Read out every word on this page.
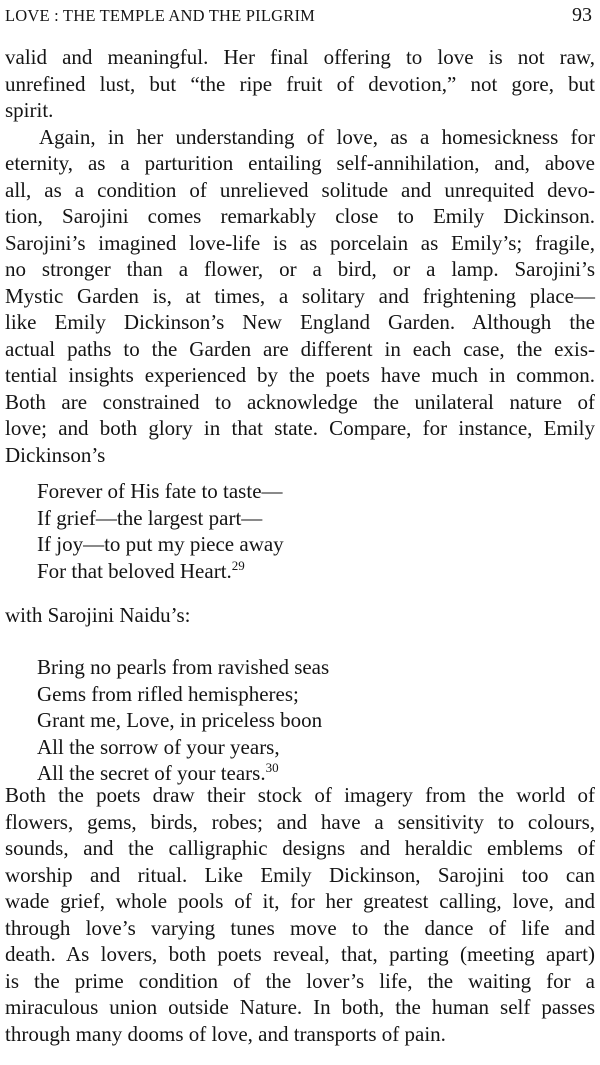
LOVE : THE TEMPLE AND THE PILGRIM	93
valid and meaningful. Her final offering to love is not raw,
unrefined lust, but “the ripe fruit of devotion,” not gore, but
spirit.
Again, in her understanding of love, as a homesickness for
eternity, as a parturition entailing self-annihilation, and, above
all, as a condition of unrelieved solitude and unrequited devo-
tion, Sarojini comes remarkably close to Emily Dickinson.
Sarojini’s imagined love-life is as porcelain as Emily’s; fragile,
no stronger than a flower, or a bird, or a lamp. Sarojini’s
Mystic Garden is, at times, a solitary and frightening place—
like Emily Dickinson’s New England Garden. Although the
actual paths to the Garden are different in each case, the exis-
tential insights experienced by the poets have much in common.
Both are constrained to acknowledge the unilateral nature of
love; and both glory in that state. Compare, for instance, Emily
Dickinson’s
Forever of His fate to taste—
If grief—the largest part—
If joy—to put my piece away
For that beloved Heart.$^{29}$
with Sarojini Naidu’s:
Bring no pearls from ravished seas
Gems from rifled hemispheres;
Grant me, Love, in priceless boon
All the sorrow of your years,
All the secret of your tears.$^{30}$
Both the poets draw their stock of imagery from the world of
flowers, gems, birds, robes; and have a sensitivity to colours,
sounds, and the calligraphic designs and heraldic emblems of
worship and ritual. Like Emily Dickinson, Sarojini too can
wade grief, whole pools of it, for her greatest calling, love, and
through love’s varying tunes move to the dance of life and
death. As lovers, both poets reveal, that, parting (meeting apart)
is the prime condition of the lover’s life, the waiting for a
miraculous union outside Nature. In both, the human self passes
through many dooms of love, and transports of pain.
